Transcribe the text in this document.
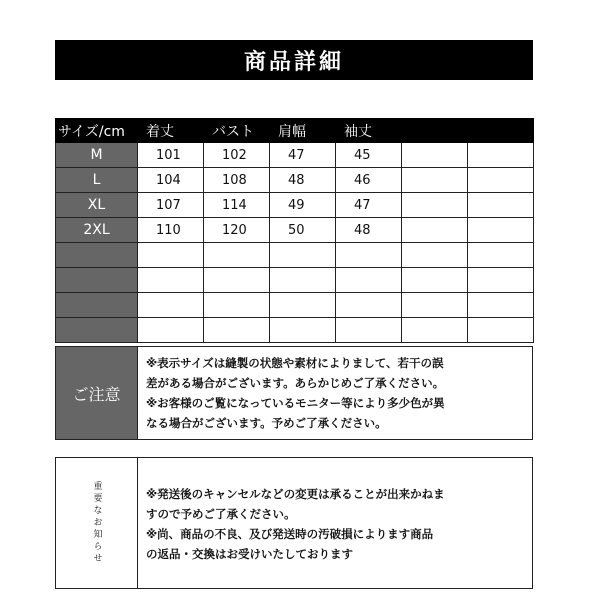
商品詳細
サイズ/cm	着丈	バスト	肩幅	袖丈		
M	101	102	47	45		
L	104	108	48	46		
XL	107	114	49	47		
2XL	110	120	50	48		

ご注意
※表示サイズは縫製の状態や素材によりまして、若干の誤
差がある場合がございます。あらかじめご了承ください。
※お客様のご覧になっているモニター等により多少色が異
なる場合がございます。予めご了承ください。
重要なお知らせ	※発送後のキャンセルなどの変更は承ることが出来かねま
すので予めご了承ください。
※尚、商品の不良、及び発送時の汚破損によります商品
の返品・交換はお受けいたしております
